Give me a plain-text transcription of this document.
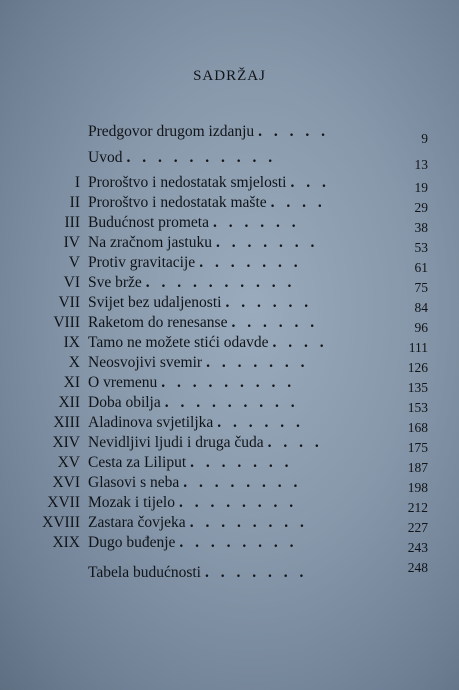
SADRŽAJ
Predgovor drugom izdanju . . . . .	9
Uvod . . . . . . . . . .	13
I Proroštvo i nedostatak smjelosti . . .	19
II Proroštvo i nedostatak mašte . . . .	29
III Budućnost prometa . . . . . .	38
IV Na zračnom jastuku . . . . . . .	53
V Protiv gravitacije . . . . . . .	61
VI Sve brže . . . . . . . . . .	75
VII Svijet bez udaljenosti . . . . . .	84
VIII Raketom do renesanse . . . . . .	96
IX Tamo ne možete stići odavde . . . .	111
X Neosvojivi svemir . . . . . . .	126
XI O vremenu . . . . . . . . .	135
XII Doba obilja . . . . . . . . .	153
XIII Aladinova svjetiljka . . . . . .	168
XIV Nevidljivi ljudi i druga čuda . . . .	175
XV Cesta za Liliput . . . . . . .	187
XVI Glasovi s neba . . . . . . . .	198
XVII Mozak i tijelo . . . . . . . .	212
XVIII Zastara čovjeka . . . . . . . .	227
XIX Dugo buđenje . . . . . . . .	243
Tabela budućnosti . . . . . . .	248
